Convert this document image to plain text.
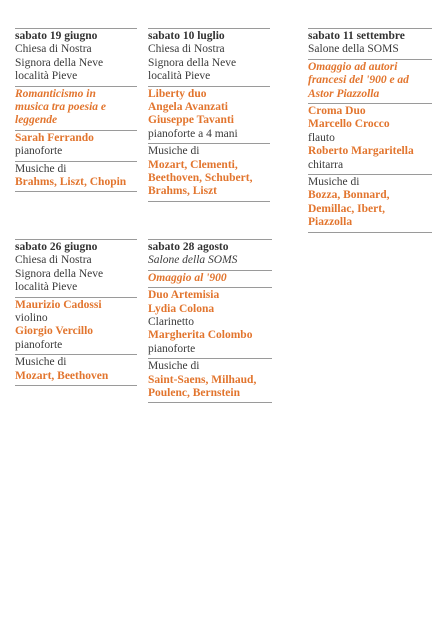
sabato 19 giugno
Chiesa di Nostra
Signora della Neve
località Pieve
Romanticismo in
musica tra poesia e
leggende
Sarah Ferrando
pianoforte
Musiche di
Brahms, Liszt, Chopin
sabato 10 luglio
Chiesa di Nostra
Signora della Neve
località Pieve
Liberty duo
Angela Avanzati
Giuseppe Tavanti
pianoforte a 4 mani
Musiche di
Mozart, Clementi,
Beethoven, Schubert,
Brahms, Liszt
sabato 11 settembre
Salone della SOMS
Omaggio ad autori
francesi del '900 e ad
Astor Piazzolla
Croma Duo
Marcello Crocco
flauto
Roberto Margaritella
chitarra
Musiche di
Bozza, Bonnard,
Demillac, Ibert,
Piazzolla
sabato 26 giugno
Chiesa di Nostra
Signora della Neve
località Pieve
Maurizio Cadossi
violino
Giorgio Vercillo
pianoforte
Musiche di
Mozart, Beethoven
sabato 28 agosto
Salone della SOMS
Omaggio al '900
Duo Artemisia
Lydia Colona
Clarinetto
Margherita Colombo
pianoforte
Musiche di
Saint-Saens, Milhaud,
Poulenc, Bernstein
